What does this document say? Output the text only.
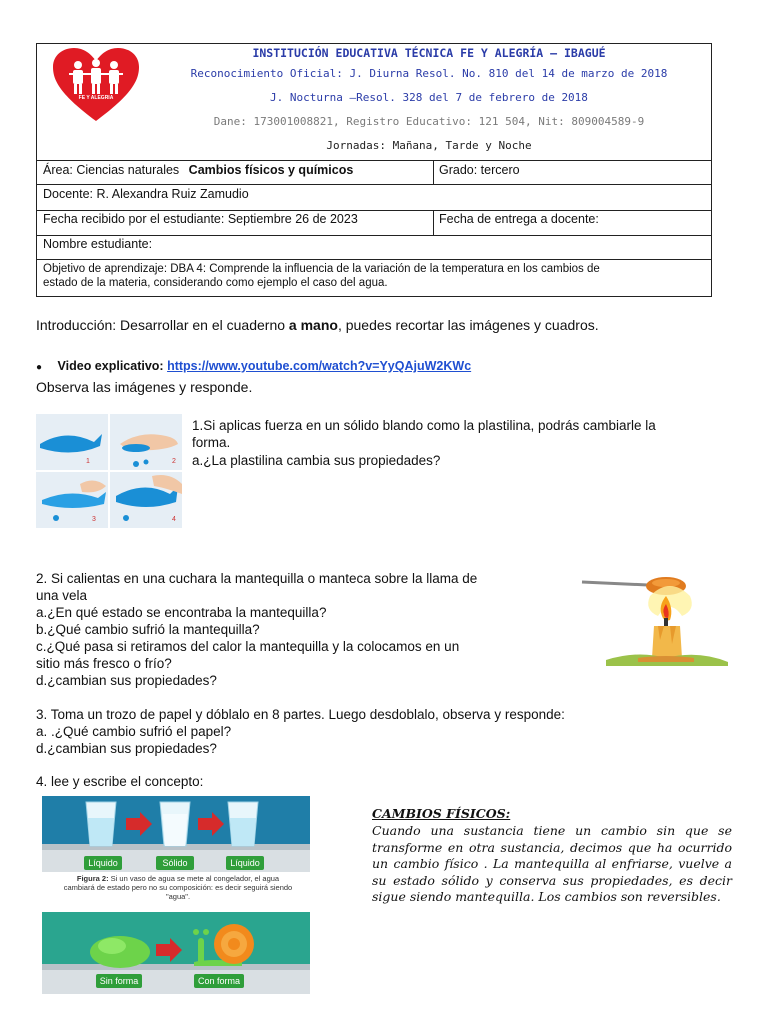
FE Y ALEGRIA
INSTITUCIÓN EDUCATIVA TÉCNICA FE Y ALEGRÍA – IBAGUÉ
Reconocimiento Oficial: J. Diurna Resol. No. 810 del 14 de marzo de 2018
J. Nocturna –Resol. 328 del 7 de febrero de 2018
Dane: 173001008821, Registro Educativo: 121 504, Nit: 809004589-9
Jornadas: Mañana, Tarde y Noche
Área: Ciencias naturales Cambios físicos y químicos	Grado: tercero
Docente: R. Alexandra Ruiz Zamudio
Fecha recibido por el estudiante: Septiembre 26 de 2023	Fecha de entrega a docente:
Nombre estudiante:
Objetivo de aprendizaje: DBA 4: Comprende la influencia de la variación de la temperatura en los cambios de
estado de la materia, considerando como ejemplo el caso del agua.
Introducción: Desarrollar en el cuaderno a mano, puedes recortar las imágenes y cuadros.
● Video explicativo: https://www.youtube.com/watch?v=YyQAjuW2KWc
Observa las imágenes y responde.
1	2
3	4
1.Si aplicas fuerza en un sólido blando como la plastilina, podrás cambiarle la
forma.
a.¿La plastilina cambia sus propiedades?
2. Si calientas en una cuchara la mantequilla o manteca sobre la llama de
una vela
a.¿En qué estado se encontraba la mantequilla?
b.¿Qué cambio sufrió la mantequilla?
c.¿Qué pasa si retiramos del calor la mantequilla y la colocamos en un
sitio más fresco o frío?
d.¿cambian sus propiedades?
3. Toma un trozo de papel y dóblalo en 8 partes. Luego desdoblalo, observa y responde:
a. .¿Qué cambio sufrió el papel?
d.¿cambian sus propiedades?
4. lee y escribe el concepto:
Líquido	Sólido	Líquido
Figura 2: Si un vaso de agua se mete al congelador, el agua
cambiará de estado pero no su composición: es decir seguirá siendo
"agua".
Sin forma	Con forma
CAMBIOS FÍSICOS:
Cuando una sustancia tiene un cambio sin que se transforme en otra sustancia, decimos que ha ocurrido un cambio físico . La mantequilla al enfriarse, vuelve a su estado sólido y conserva sus propiedades, es decir sigue siendo mantequilla. Los cambios son reversibles.
